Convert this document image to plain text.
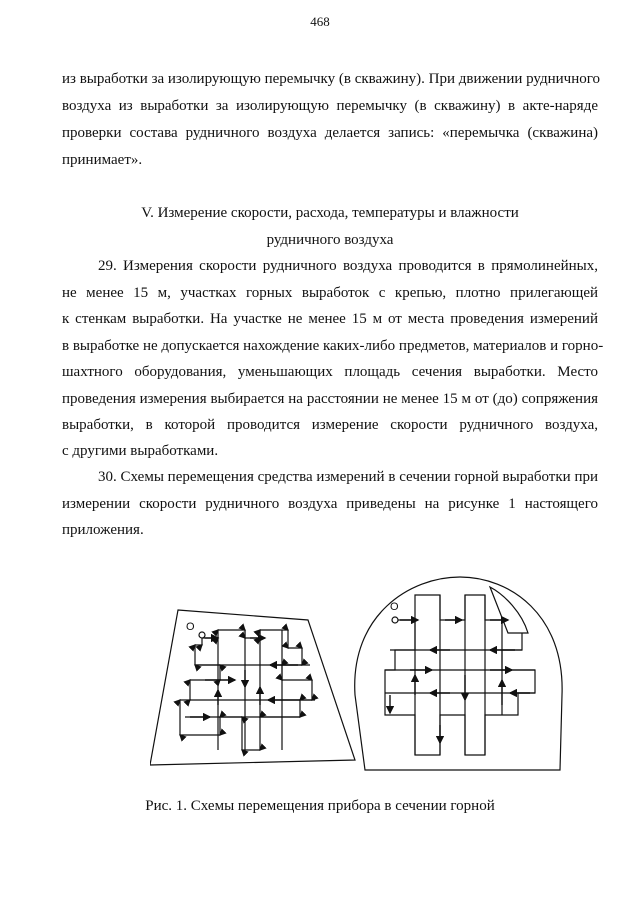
468
из выработки за изолирующую перемычку (в скважину). При движении рудничного
воздуха из выработки за изолирующую перемычку (в скважину) в акте-наряде
проверки состава рудничного воздуха делается запись: «перемычка (скважина)
принимает».
V. Измерение скорости, расхода, температуры и влажности
рудничного воздуха
29. Измерения скорости рудничного воздуха проводится в прямолинейных,
не менее 15 м, участках горных выработок с крепью, плотно прилегающей
к стенкам выработки. На участке не менее 15 м от места проведения измерений
в выработке не допускается нахождение каких-либо предметов, материалов и горно-
шахтного оборудования, уменьшающих площадь сечения выработки. Место
проведения измерения выбирается на расстоянии не менее 15 м от (до) сопряжения
выработки, в которой проводится измерение скорости рудничного воздуха,
с другими выработками.
30. Схемы перемещения средства измерений в сечении горной выработки при
измерении скорости рудничного воздуха приведены на рисунке 1 настоящего
приложения.
О
О
Рис. 1. Схемы перемещения прибора в сечении горной
